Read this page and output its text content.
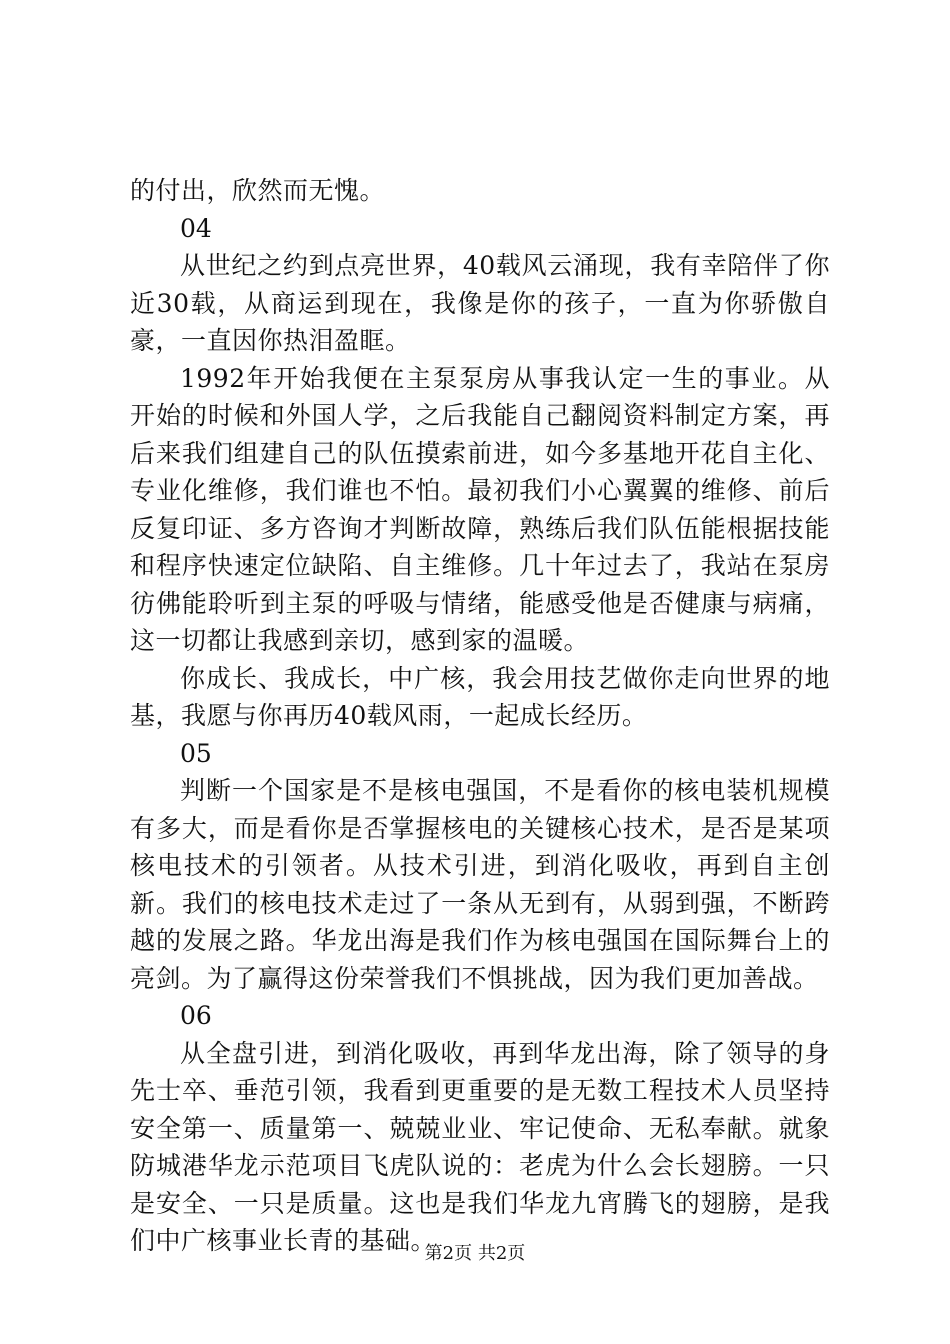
的付出，欣然而无愧。

04

从世纪之约到点亮世界，40载风云涌现，我有幸陪伴了你近30载，从商运到现在，我像是你的孩子，一直为你骄傲自豪，一直因你热泪盈眶。

1992年开始我便在主泵泵房从事我认定一生的事业。从开始的时候和外国人学，之后我能自己翻阅资料制定方案，再后来我们组建自己的队伍摸索前进，如今多基地开花自主化、专业化维修，我们谁也不怕。最初我们小心翼翼的维修、前后反复印证、多方咨询才判断故障，熟练后我们队伍能根据技能和程序快速定位缺陷、自主维修。几十年过去了，我站在泵房彷佛能聆听到主泵的呼吸与情绪，能感受他是否健康与病痛，这一切都让我感到亲切，感到家的温暖。

你成长、我成长，中广核，我会用技艺做你走向世界的地基，我愿与你再历40载风雨，一起成长经历。

05

判断一个国家是不是核电强国，不是看你的核电装机规模有多大，而是看你是否掌握核电的关键核心技术，是否是某项核电技术的引领者。从技术引进，到消化吸收，再到自主创新。我们的核电技术走过了一条从无到有，从弱到强，不断跨越的发展之路。华龙出海是我们作为核电强国在国际舞台上的亮剑。为了赢得这份荣誉我们不惧挑战，因为我们更加善战。

06

从全盘引进，到消化吸收，再到华龙出海，除了领导的身先士卒、垂范引领，我看到更重要的是无数工程技术人员坚持安全第一、质量第一、兢兢业业、牢记使命、无私奉献。就象防城港华龙示范项目飞虎队说的：老虎为什么会长翅膀。一只是安全、一只是质量。这也是我们华龙九宵腾飞的翅膀，是我们中广核事业长青的基础。

第2页 共2页
